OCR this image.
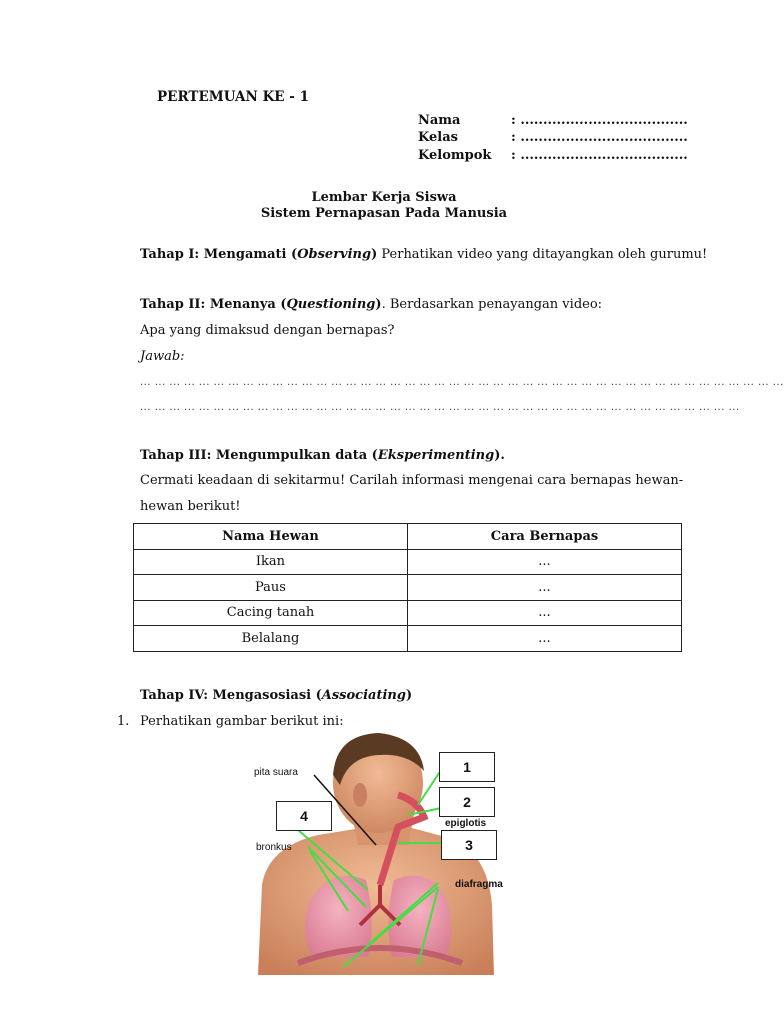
PERTEMUAN KE - 1
Nama	: .....................................
Kelas	: .....................................
Kelompok : .....................................
Lembar Kerja Siswa
Sistem Pernapasan Pada Manusia
Tahap I: Mengamati (Observing) Perhatikan video yang ditayangkan oleh gurumu!
Tahap II: Menanya (Questioning). Berdasarkan penayangan video:
Apa yang dimaksud dengan bernapas?
Jawab:
... ... ... ... ... ... ... ... ... ... ... ... ... ... ... ... ... ... ... ... ... ... ... ... ... ... ... ... ... ... ... ... ... ... ... ... ... ... ... ... ... ... ... ...
... ... ... ... ... ... ... ... ... ... ... ... ... ... ... ... ... ... ... ... ... ... ... ... ... ... ... ... ... ... ... ... ... ... ... ... ... ... ... ... ...
Tahap III: Mengumpulkan data (Eksperimenting).
Cermati keadaan di sekitarmu! Carilah informasi mengenai cara bernapas hewan-
hewan berikut!
Nama Hewan	Cara Bernapas
Ikan	...
Paus	...
Cacing tanah	...
Belalang	...
Tahap IV: Mengasosiasi (Associating)
1. Perhatikan gambar berikut ini:
pita suara
epiglotis
bronkus
diafragma
1
2
3
4
